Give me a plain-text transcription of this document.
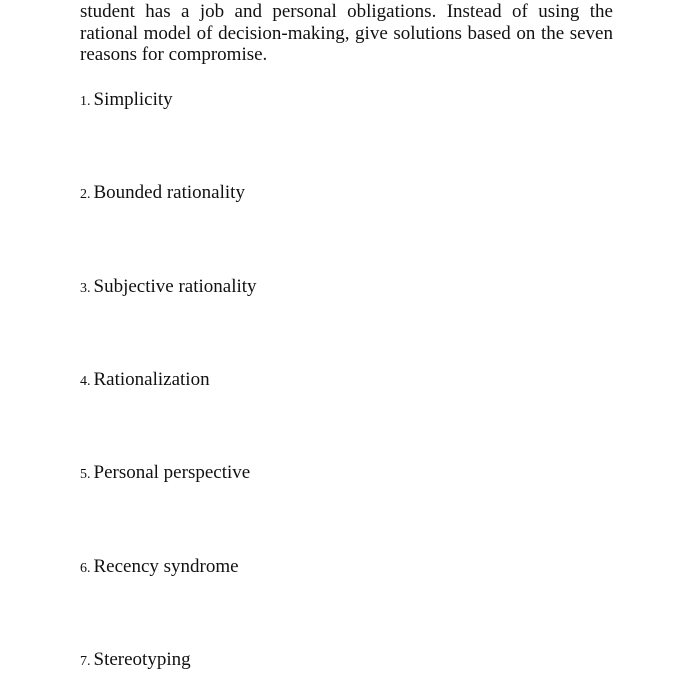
student has a job and personal obligations. Instead of using the rational model of decision-making, give solutions based on the seven reasons for compromise.

1. Simplicity

2. Bounded rationality

3. Subjective rationality

4. Rationalization

5. Personal perspective

6. Recency syndrome

7. Stereotyping
